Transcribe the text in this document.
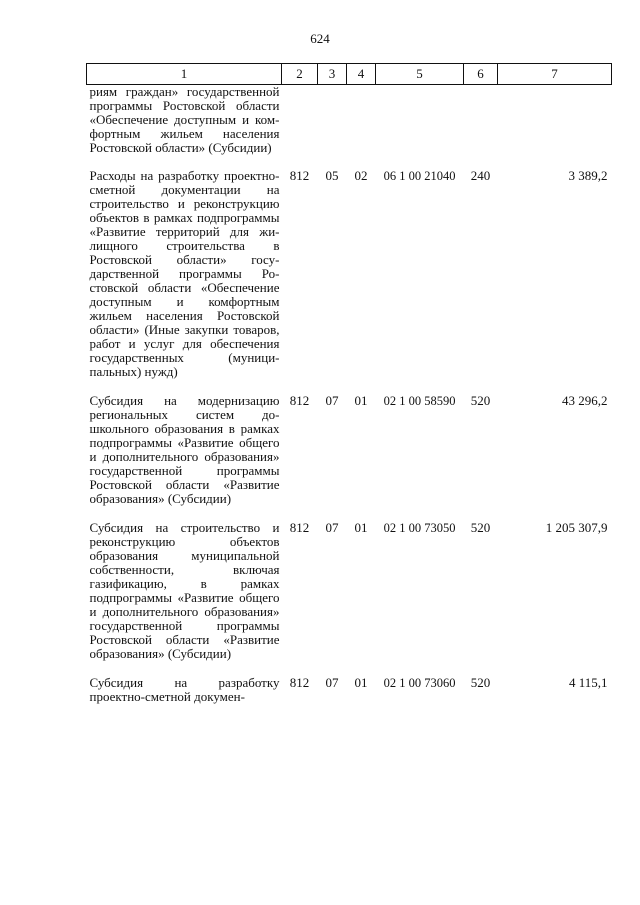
624
1	2	3	4	5	6	7
риям граждан» государственной программы Ростовской области «Обеспечение доступным и комфортным жильем населения Ростовской области» (Субсидии)						
Расходы на разработку проектно-сметной документации на строительство и реконструкцию объектов в рамках подпрограммы «Развитие территорий для жилищного строительства в Ростовской области» государственной программы Ростовской области «Обеспечение доступным и комфортным жильем населения Ростовской области» (Иные закупки товаров, работ и услуг для обеспечения государственных (муниципальных) нужд)	812	05	02	06 1 00 21040	240	3 389,2
Субсидия на модернизацию региональных систем дошкольного образования в рамках подпрограммы «Развитие общего и дополнительного образования» государственной программы Ростовской области «Развитие образования» (Субсидии)	812	07	01	02 1 00 58590	520	43 296,2
Субсидия на строительство и реконструкцию объектов образования муниципальной собственности, включая газификацию, в рамках подпрограммы «Развитие общего и дополнительного образования» государственной программы Ростовской области «Развитие образования» (Субсидии)	812	07	01	02 1 00 73050	520	1 205 307,9
Субсидия на разработку проектно-сметной докумен-	812	07	01	02 1 00 73060	520	4 115,1
